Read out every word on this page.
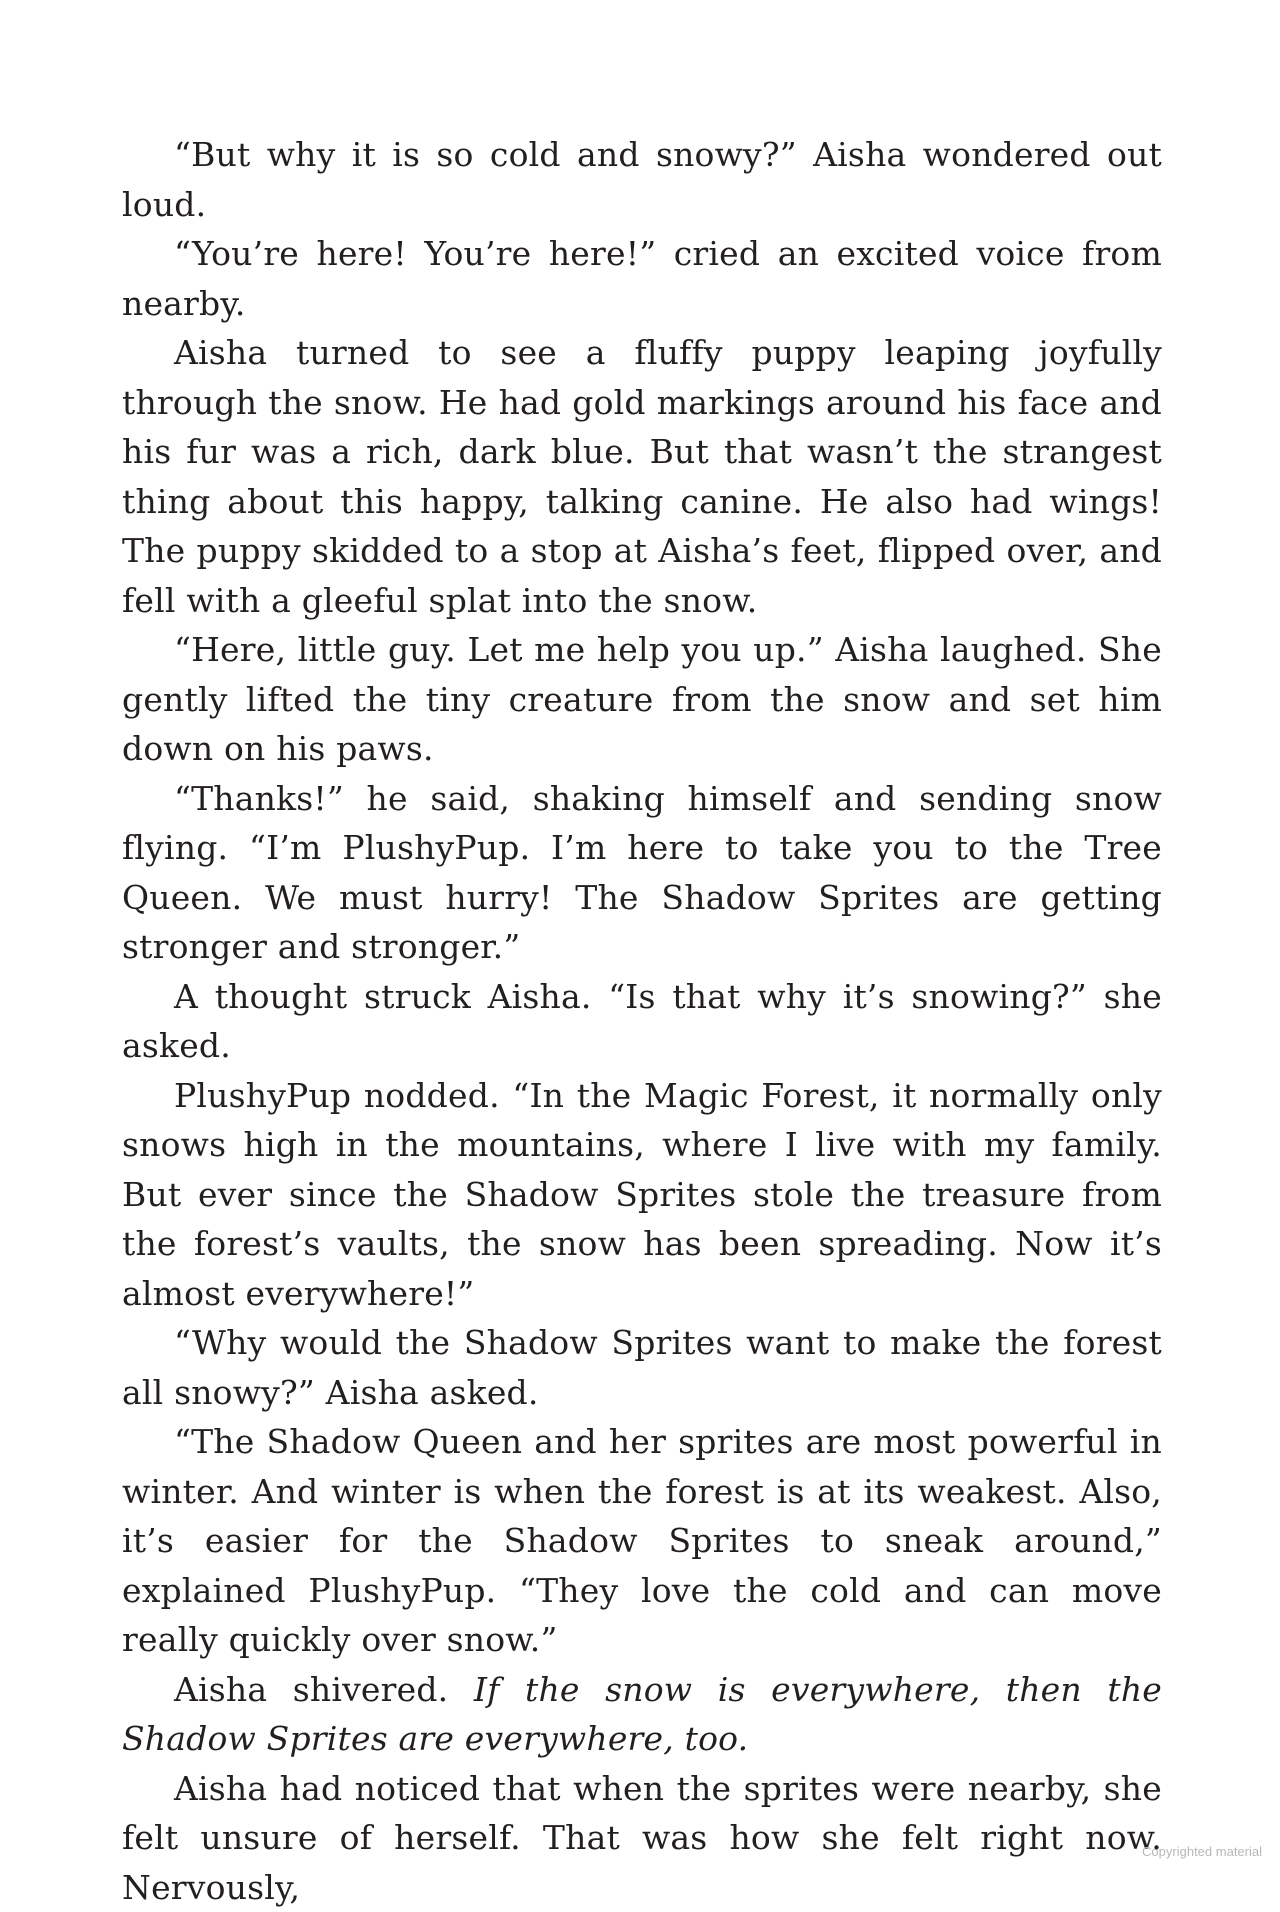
“But why it is so cold and snowy?” Aisha wondered out loud.

“You’re here! You’re here!” cried an excited voice from nearby.

Aisha turned to see a fluffy puppy leaping joyfully through the snow. He had gold markings around his face and his fur was a rich, dark blue. But that wasn’t the strangest thing about this happy, talking canine. He also had wings! The puppy skidded to a stop at Aisha’s feet, flipped over, and fell with a gleeful splat into the snow.

“Here, little guy. Let me help you up.” Aisha laughed. She gently lifted the tiny creature from the snow and set him down on his paws.

“Thanks!” he said, shaking himself and sending snow flying. “I’m PlushyPup. I’m here to take you to the Tree Queen. We must hurry! The Shadow Sprites are getting stronger and stronger.”

A thought struck Aisha. “Is that why it’s snowing?” she asked.

PlushyPup nodded. “In the Magic Forest, it normally only snows high in the mountains, where I live with my family. But ever since the Shadow Sprites stole the treasure from the forest’s vaults, the snow has been spreading. Now it’s almost everywhere!”

“Why would the Shadow Sprites want to make the forest all snowy?” Aisha asked.

“The Shadow Queen and her sprites are most powerful in winter. And winter is when the forest is at its weakest. Also, it’s easier for the Shadow Sprites to sneak around,” explained PlushyPup. “They love the cold and can move really quickly over snow.”

Aisha shivered. If the snow is everywhere, then the Shadow Sprites are everywhere, too.

Aisha had noticed that when the sprites were nearby, she felt unsure of herself. That was how she felt right now. Nervously,

Copyrighted material
